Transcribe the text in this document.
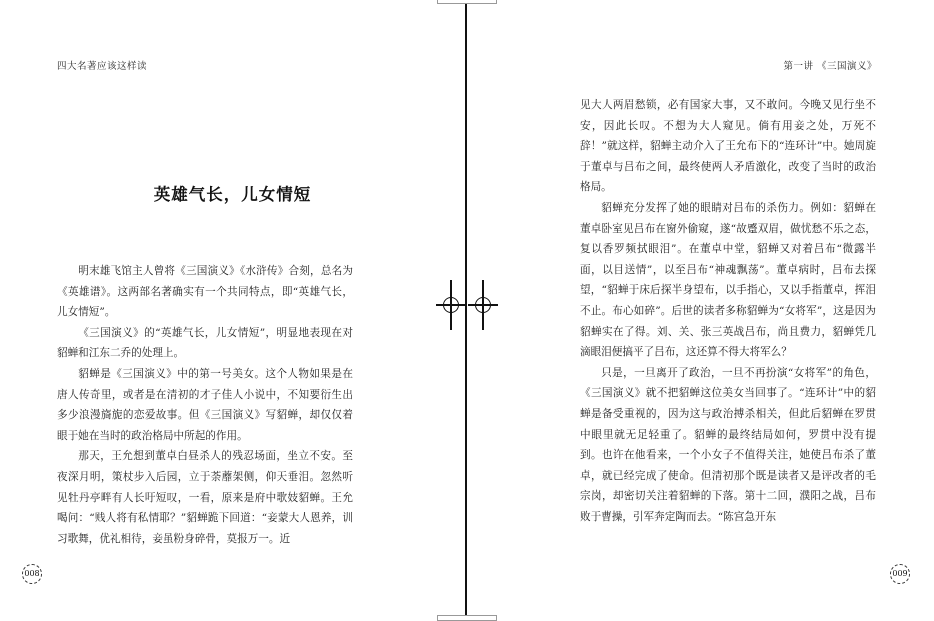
四大名著应该这样读
英雄气长，儿女情短

明末雄飞馆主人曾将《三国演义》《水浒传》合刻，总名为《英雄谱》。这两部名著确实有一个共同特点，即“英雄气长，儿女情短”。

《三国演义》的“英雄气长，儿女情短”，明显地表现在对貂蝉和江东二乔的处理上。

貂蝉是《三国演义》中的第一号美女。这个人物如果是在唐人传奇里，或者是在清初的才子佳人小说中，不知要衍生出多少浪漫旖旎的恋爱故事。但《三国演义》写貂蝉，却仅仅着眼于她在当时的政治格局中所起的作用。

那天，王允想到董卓白昼杀人的残忍场面，坐立不安。至夜深月明，策杖步入后园，立于荼蘼架侧，仰天垂泪。忽然听见牡丹亭畔有人长吁短叹，一看，原来是府中歌妓貂蝉。王允喝问：“贱人将有私情耶？”貂蝉跪下回道：“妾蒙大人恩养，训习歌舞，优礼相待，妾虽粉身碎骨，莫报万一。近

008
第一讲 《三国演义》

见大人两眉愁锁，必有国家大事，又不敢问。今晚又见行坐不安，因此长叹。不想为大人窥见。倘有用妾之处，万死不辞！”就这样，貂蝉主动介入了王允布下的“连环计”中。她周旋于董卓与吕布之间，最终使两人矛盾激化，改变了当时的政治格局。

貂蝉充分发挥了她的眼睛对吕布的杀伤力。例如：貂蝉在董卓卧室见吕布在窗外偷窥，遂“故蹙双眉，做忧愁不乐之态，复以香罗频拭眼泪”。在董卓中堂，貂蝉又对着吕布“微露半面，以目送情”，以至吕布“神魂飘荡”。董卓病时，吕布去探望，“貂蝉于床后探半身望布，以手指心，又以手指董卓，挥泪不止。布心如碎”。后世的读者多称貂蝉为“女将军”，这是因为貂蝉实在了得。刘、关、张三英战吕布，尚且费力，貂蝉凭几滴眼泪便搞平了吕布，这还算不得大将军么？

只是，一旦离开了政治，一旦不再扮演“女将军”的角色，《三国演义》就不把貂蝉这位美女当回事了。“连环计”中的貂蝉是备受重视的，因为这与政治搏杀相关，但此后貂蝉在罗贯中眼里就无足轻重了。貂蝉的最终结局如何，罗贯中没有提到。也许在他看来，一个小女子不值得关注，她使吕布杀了董卓，就已经完成了使命。但清初那个既是读者又是评改者的毛宗岗，却密切关注着貂蝉的下落。第十二回，濮阳之战，吕布败于曹操，引军奔定陶而去。“陈宫急开东

009
